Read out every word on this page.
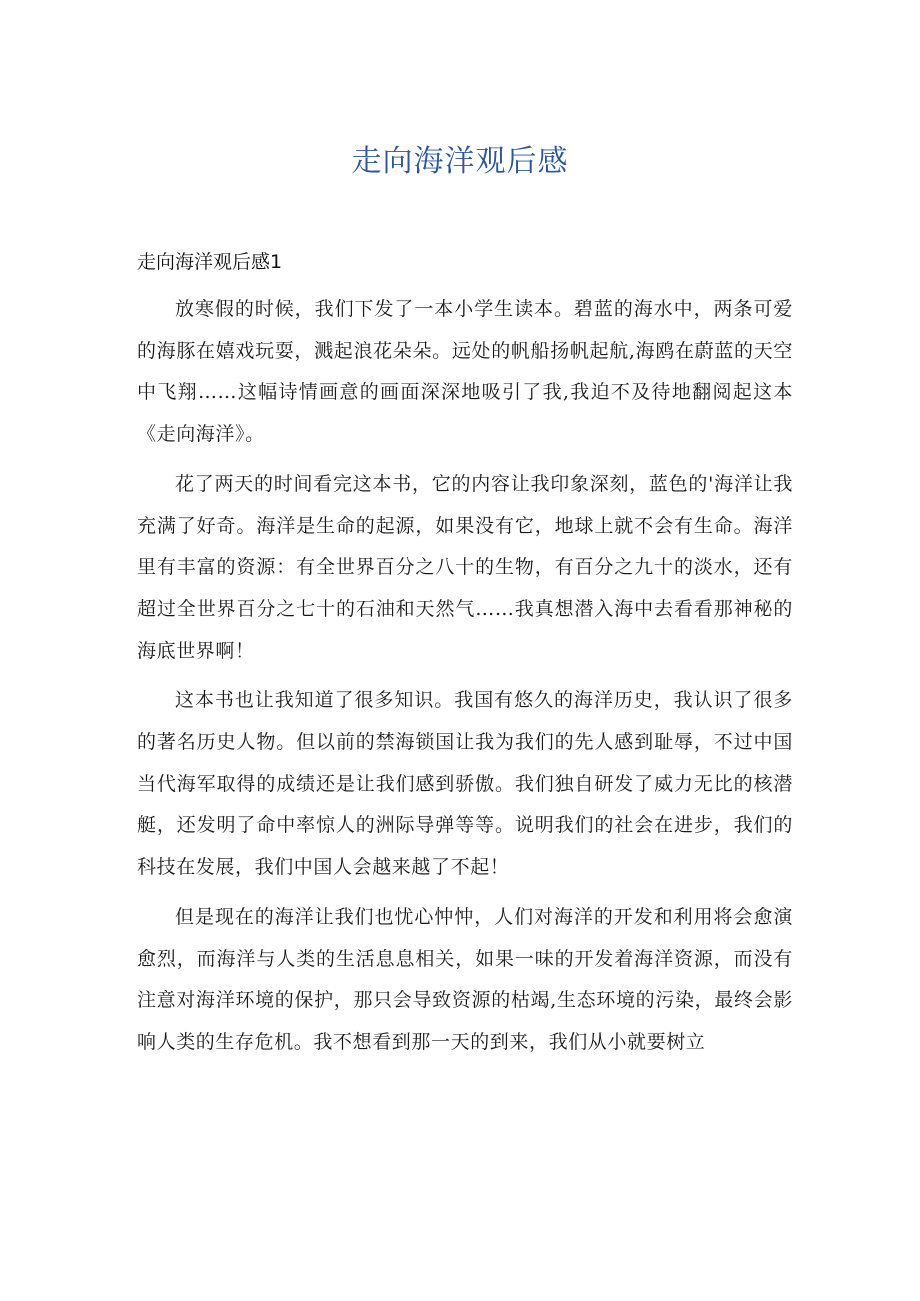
走向海洋观后感
走向海洋观后感1

放寒假的时候，我们下发了一本小学生读本。碧蓝的海水中，两条可爱的海豚在嬉戏玩耍，溅起浪花朵朵。远处的帆船扬帆起航,海鸥在蔚蓝的天空中飞翔……这幅诗情画意的画面深深地吸引了我,我迫不及待地翻阅起这本《走向海洋》。

花了两天的时间看完这本书，它的内容让我印象深刻，蓝色的'海洋让我充满了好奇。海洋是生命的起源，如果没有它，地球上就不会有生命。海洋里有丰富的资源：有全世界百分之八十的生物，有百分之九十的淡水，还有超过全世界百分之七十的石油和天然气……我真想潜入海中去看看那神秘的海底世界啊！

这本书也让我知道了很多知识。我国有悠久的海洋历史，我认识了很多的著名历史人物。但以前的禁海锁国让我为我们的先人感到耻辱，不过中国当代海军取得的成绩还是让我们感到骄傲。我们独自研发了威力无比的核潜艇，还发明了命中率惊人的洲际导弹等等。说明我们的社会在进步，我们的科技在发展，我们中国人会越来越了不起！

但是现在的海洋让我们也忧心忡忡，人们对海洋的开发和利用将会愈演愈烈，而海洋与人类的生活息息相关，如果一味的开发着海洋资源，而没有注意对海洋环境的保护，那只会导致资源的枯竭,生态环境的污染，最终会影响人类的生存危机。我不想看到那一天的到来，我们从小就要树立
